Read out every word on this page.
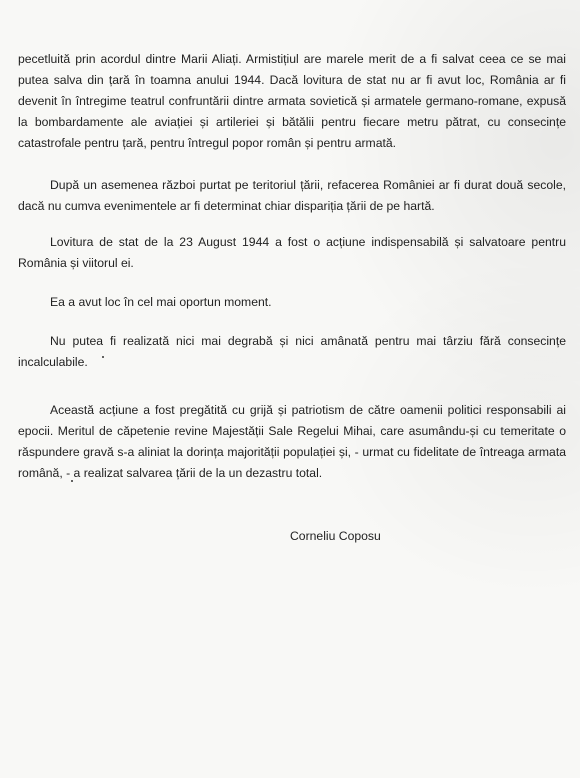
pecetluită prin acordul dintre Marii Aliați. Armistițiul are marele merit de a fi salvat ceea ce se mai putea salva din țară în toamna anului 1944. Dacă lovitura de stat nu ar fi avut loc, România ar fi devenit în întregime teatrul confruntării dintre armata sovietică și armatele germano-romane, expusă la bombardamente ale aviației și artileriei și bătălii pentru fiecare metru pătrat, cu consecințe catastrofale pentru țară, pentru întregul popor român și pentru armată.

După un asemenea război purtat pe teritoriul țării, refacerea României ar fi durat două secole, dacă nu cumva evenimentele ar fi determinat chiar dispariția țării de pe hartă.

Lovitura de stat de la 23 August 1944 a fost o acțiune indispensabilă și salvatoare pentru România și viitorul ei.

Ea a avut loc în cel mai oportun moment.

Nu putea fi realizată nici mai degrabă și nici amânată pentru mai târziu fără consecințe incalculabile.

Această acțiune a fost pregătită cu grijă și patriotism de către oamenii politici responsabili ai epocii. Meritul de căpetenie revine Majestății Sale Regelui Mihai, care asumându-și cu temeritate o răspundere gravă s-a aliniat la dorința majorității populației și, - urmat cu fidelitate de întreaga armata română, - a realizat salvarea țării de la un dezastru total.

Corneliu Coposu
